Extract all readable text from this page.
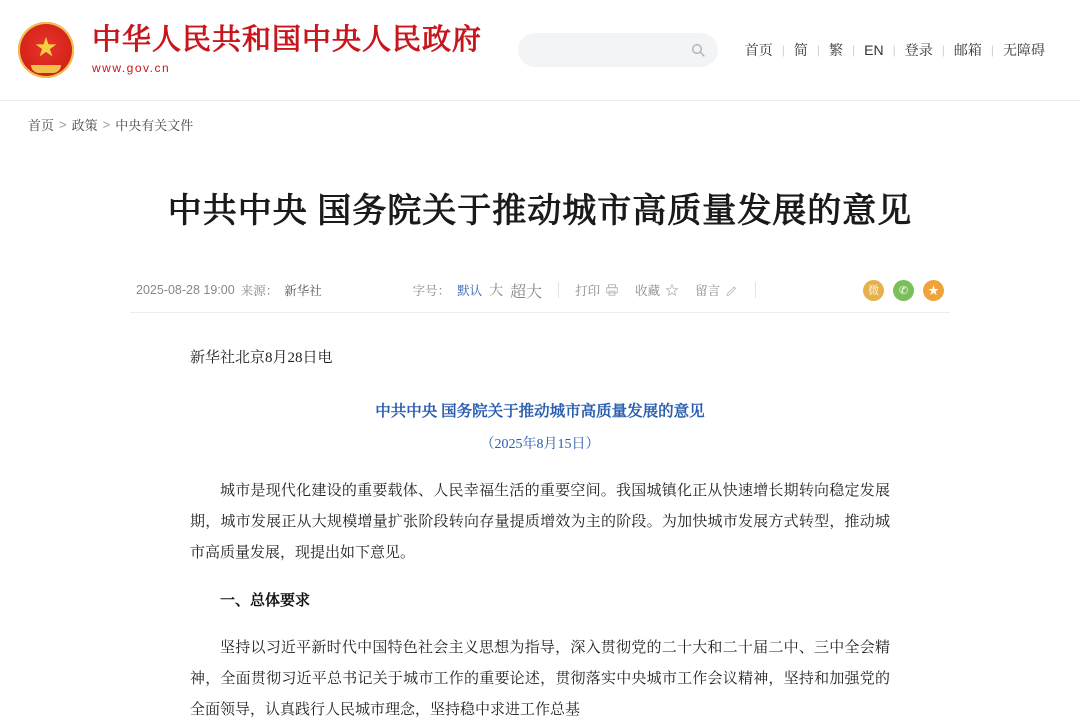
★ 中华人民共和国中央人民政府
www.gov.cn
首页 | 简 | 繁 | EN | 登录 | 邮箱 | 无障碍
首页 > 政策 > 中央有关文件
中共中央 国务院关于推动城市高质量发展的意见
2025-08-28 19:00 来源： 新华社	字号： 默认 大 超大	打印	收藏	留言	微	✆	★
新华社北京8月28日电
中共中央 国务院关于推动城市高质量发展的意见
（2025年8月15日）

城市是现代化建设的重要载体、人民幸福生活的重要空间。我国城镇化正从快速增长期转向稳定发展期，城市发展正从大规模增量扩张阶段转向存量提质增效为主的阶段。为加快城市发展方式转型，推动城市高质量发展，现提出如下意见。

一、总体要求

坚持以习近平新时代中国特色社会主义思想为指导，深入贯彻党的二十大和二十届二中、三中全会精神，全面贯彻习近平总书记关于城市工作的重要论述，贯彻落实中央城市工作会议精神，坚持和加强党的全面领导，认真践行人民城市理念，坚持稳中求进工作总基
